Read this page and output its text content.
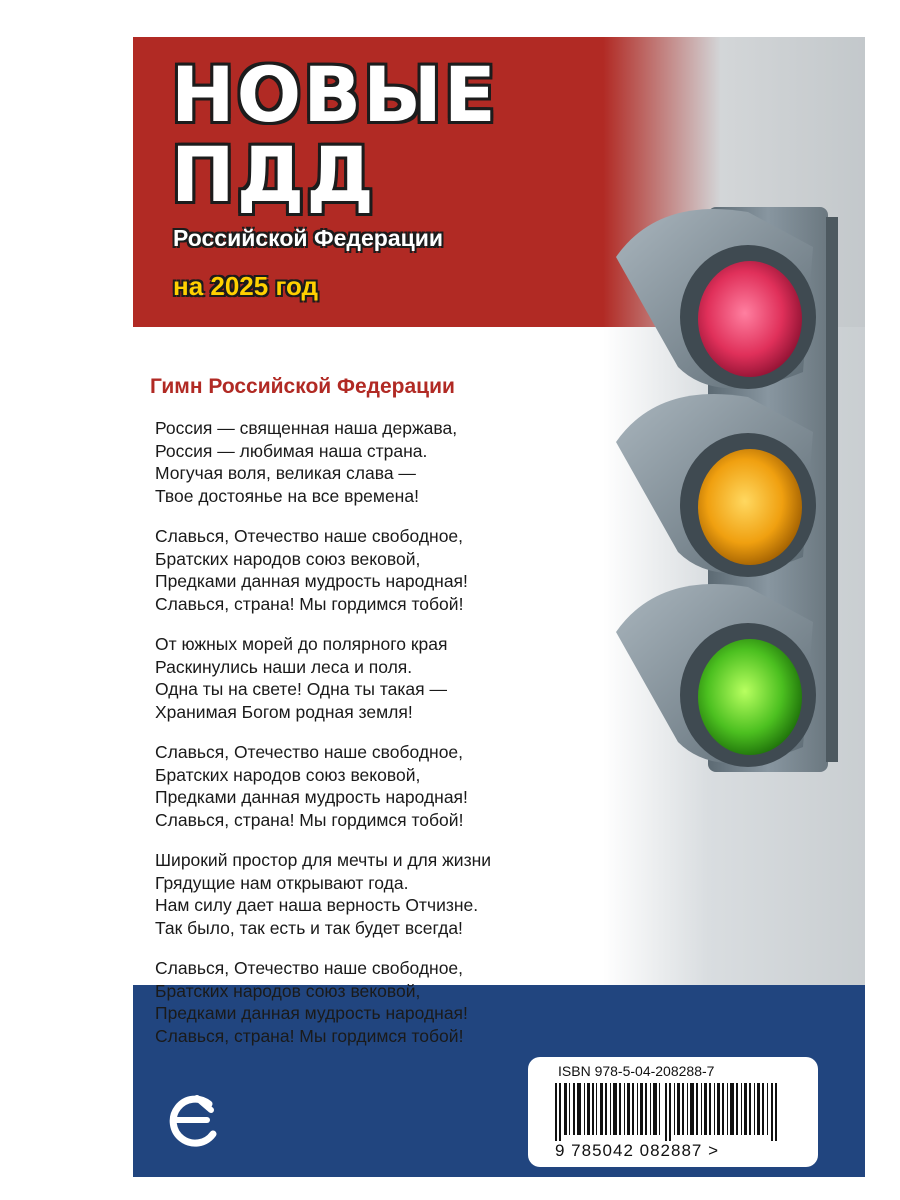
НОВЫЕ
ПДД

Российской Федерации

на 2025 год

Гимн Российской Федерации

Россия — священная наша держава,
Россия — любимая наша страна.
Могучая воля, великая слава —
Твое достоянье на все времена!

Славься, Отечество наше свободное,
Братских народов союз вековой,
Предками данная мудрость народная!
Славься, страна! Мы гордимся тобой!

От южных морей до полярного края
Раскинулись наши леса и поля.
Одна ты на свете! Одна ты такая —
Хранимая Богом родная земля!

Славься, Отечество наше свободное,
Братских народов союз вековой,
Предками данная мудрость народная!
Славься, страна! Мы гордимся тобой!

Широкий простор для мечты и для жизни
Грядущие нам открывают года.
Нам силу дает наша верность Отчизне.
Так было, так есть и так будет всегда!

Славься, Отечество наше свободное,
Братских народов союз вековой,
Предками данная мудрость народная!
Славься, страна! Мы гордимся тобой!

ISBN 978-5-04-208288-7

9 785042 082887 >
